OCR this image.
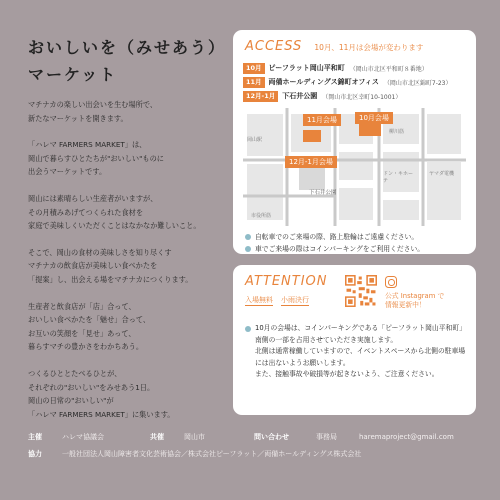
おいしいを（みせあう）
マーケット

マチナカの楽しい出会いを生む場所で、
新たなマーケットを開きます。

「ハレマ FARMERS MARKET」は、
岡山で暮らすひとたちが"おいしい"ものに
出会うマーケットです。

岡山には素晴らしい生産者がいますが、
その月積みあげてつくられた食材を
家庭で美味しくいただくことはなかなか難しいこと。

そこで、岡山の食材の美味しさを知り尽くす
マチナカの飲食店が美味しい食べかたを
「提案」し、出会える場をマチナカにつくります。

生産者と飲食店が「店」合って、
おいしい食べかたを「魅せ」合って、
お互いの笑顔を「見せ」あって、
暮らすマチの豊かさをわかちあう。

つくるひととたべるひとが、
それぞれの"おいしい"をみせあう1日。
岡山の日常の"おいしい"が
「ハレマ FARMERS MARKET」に集います。

ACCESS 10月、11月は会場が変わります
10月	ピーフラット岡山平和町 （岡山市北区平和町８番地）
11月	両備ホールディングス錦町オフィス （岡山市北区錦町7-23）
12月-1月	下石井公園 （岡山市北区幸町10-1001）
11月会場	10月会場
12月-1月会場
下石井公園
岡山駅
市役所筋
柳川筋
ドン・キホーテ
ヤマダ電機
自転車でのご来場の際、路上駐輪はご遠慮ください。
車でご来場の際はコインパーキングをご利用ください。
ATTENTION
入場無料 小雨決行	公式 Instagram で
情報更新中！

10月の会場は、コインパーキングである「ピーフラット岡山平和町」南側の一部を占用させていただき実施します。
北側は通常稼働していますので、イベントスペースから北側の駐車場には出ないようお願いします。
また、接触事故や破損等が起きないよう、ご注意ください。

主催	ハレマ協議会	共催	岡山市	問い合わせ	事務局	haremaproject@gmail.com
協力	一般社団法人岡山障害者文化芸術協会／株式会社ピーフラット／両備ホールディングス株式会社
